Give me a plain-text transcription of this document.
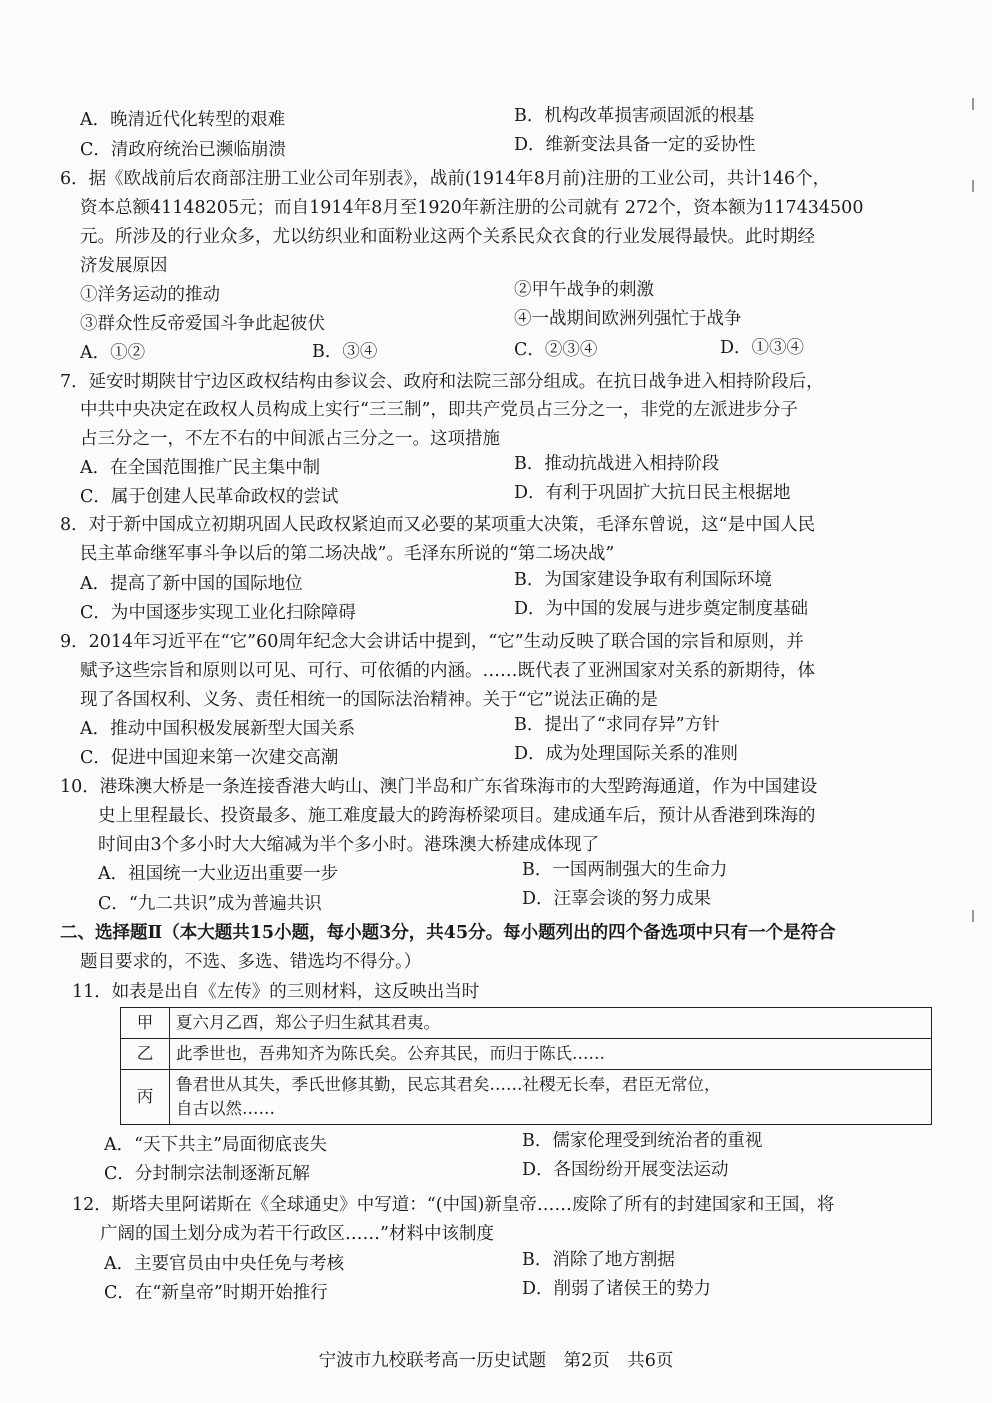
A．晚清近代化转型的艰难	B．机构改革损害顽固派的根基
C．清政府统治已濒临崩溃	D．维新变法具备一定的妥协性
6．据《欧战前后农商部注册工业公司年别表》，战前(1914年8月前)注册的工业公司，共计146个，
资本总额41148205元；而自1914年8月至1920年新注册的公司就有 272个，资本额为117434500
元。所涉及的行业众多，尤以纺织业和面粉业这两个关系民众衣食的行业发展得最快。此时期经
济发展原因
①洋务运动的推动	②甲午战争的刺激
③群众性反帝爱国斗争此起彼伏	④一战期间欧洲列强忙于战争
A．①②	B．③④	C．②③④	D．①③④
7．延安时期陕甘宁边区政权结构由参议会、政府和法院三部分组成。在抗日战争进入相持阶段后，
中共中央决定在政权人员构成上实行“三三制”，即共产党员占三分之一，非党的左派进步分子
占三分之一，不左不右的中间派占三分之一。这项措施
A．在全国范围推广民主集中制	B．推动抗战进入相持阶段
C．属于创建人民革命政权的尝试	D．有利于巩固扩大抗日民主根据地
8．对于新中国成立初期巩固人民政权紧迫而又必要的某项重大决策，毛泽东曾说，这“是中国人民
民主革命继军事斗争以后的第二场决战”。毛泽东所说的“第二场决战”
A．提高了新中国的国际地位	B．为国家建设争取有利国际环境
C．为中国逐步实现工业化扫除障碍	D．为中国的发展与进步奠定制度基础
9．2014年习近平在“它”60周年纪念大会讲话中提到，“它”生动反映了联合国的宗旨和原则，并
赋予这些宗旨和原则以可见、可行、可依循的内涵。……既代表了亚洲国家对关系的新期待，体
现了各国权利、义务、责任相统一的国际法治精神。关于“它”说法正确的是
A．推动中国积极发展新型大国关系	B．提出了“求同存异”方针
C．促进中国迎来第一次建交高潮	D．成为处理国际关系的准则
10．港珠澳大桥是一条连接香港大屿山、澳门半岛和广东省珠海市的大型跨海通道，作为中国建设
史上里程最长、投资最多、施工难度最大的跨海桥梁项目。建成通车后，预计从香港到珠海的
时间由3个多小时大大缩减为半个多小时。港珠澳大桥建成体现了
A．祖国统一大业迈出重要一步	B．一国两制强大的生命力
C．“九二共识”成为普遍共识	D．汪辜会谈的努力成果
二、选择题Ⅱ（本大题共15小题，每小题3分，共45分。每小题列出的四个备选项中只有一个是符合
题目要求的，不选、多选、错选均不得分。）
11．如表是出自《左传》的三则材料，这反映出当时
甲	夏六月乙酉，郑公子归生弑其君夷。
乙	此季世也，吾弗知齐为陈氏矣。公弃其民，而归于陈氏……
丙	鲁君世从其失，季氏世修其勤，民忘其君矣……社稷无长奉，君臣无常位，
自古以然……
A．“天下共主”局面彻底丧失	B．儒家伦理受到统治者的重视
C．分封制宗法制逐渐瓦解	D．各国纷纷开展变法运动
12．斯塔夫里阿诺斯在《全球通史》中写道：“(中国)新皇帝……废除了所有的封建国家和王国，将
广阔的国土划分成为若干行政区……”材料中该制度
A．主要官员由中央任免与考核	B．消除了地方割据
C．在“新皇帝”时期开始推行	D．削弱了诸侯王的势力
宁波市九校联考高一历史试题　第2页　共6页
